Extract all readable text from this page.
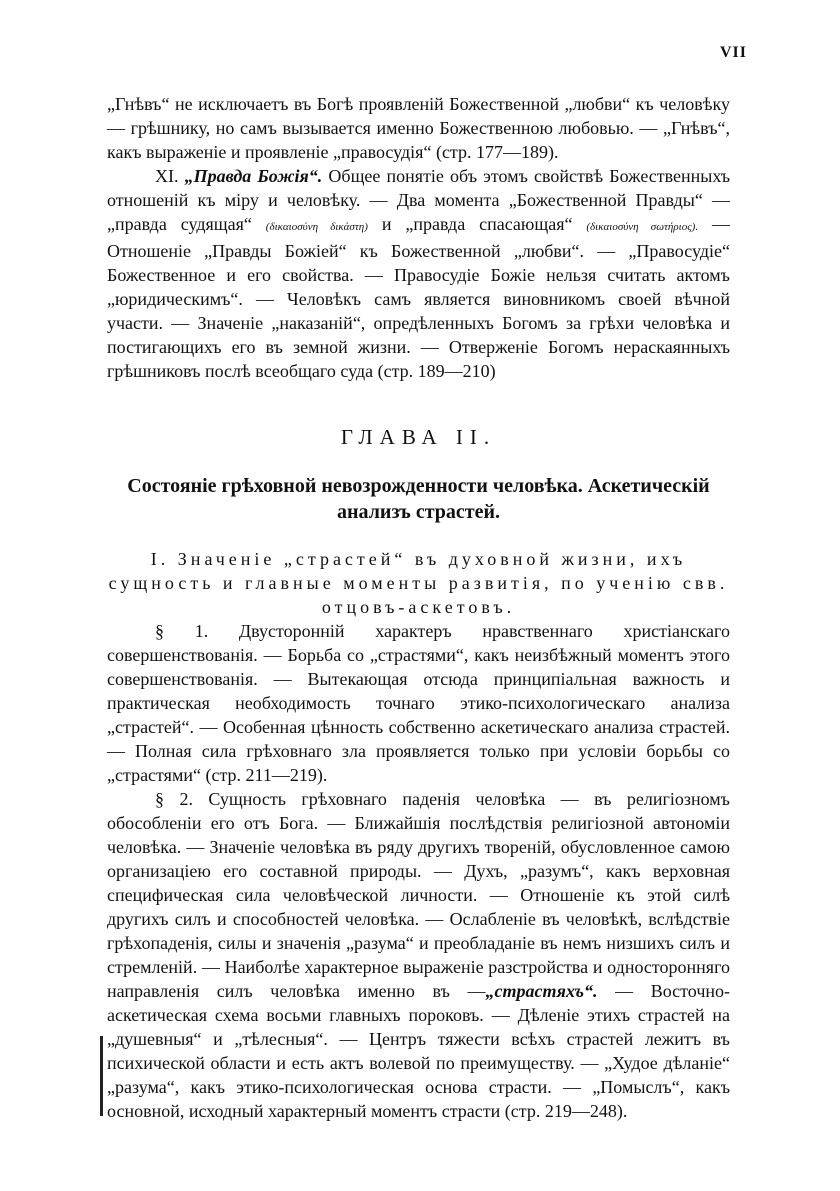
VII

„Гнѣвъ“ не исключаетъ въ Богѣ проявленій Божественной „любви“ къ человѣку — грѣшнику, но самъ вызывается именно Божественною любовью. — „Гнѣвъ“, какъ выраженіе и проявленіе „правосудія“ (стр. 177—189).

XI. „Правда Божія“. Общее понятіе объ этомъ свойствѣ Божественныхъ отношеній къ міру и человѣку. — Два момента „Божественной Правды“ — „правда судящая“ (δικαιοσύνη δικάστη) и „правда спасающая“ (δικαιοσύνη σωτήριος). — Отношеніе „Правды Божіей“ къ Божественной „любви“. — „Правосудіе“ Божественное и его свойства. — Правосудіе Божіе нельзя считать актомъ „юридическимъ“. — Человѣкъ самъ является виновникомъ своей вѣчной участи. — Значеніе „наказаній“, опредѣленныхъ Богомъ за грѣхи человѣка и постигающихъ его въ земной жизни. — Отверженіе Богомъ нераскаянныхъ грѣшниковъ послѣ всеобщаго суда (стр. 189—210)

ГЛАВА II.
Состояніе грѣховной невозрожденности человѣка. Аскетическій анализъ страстей.
I. Значеніе „страстей“ въ духовной жизни, ихъ сущность и главные моменты развитія, по ученію свв. отцовъ-аскетовъ.

§ 1. Двусторонній характеръ нравственнаго христіанскаго совершенствованія. — Борьба со „страстями“, какъ неизбѣжный моментъ этого совершенствованія. — Вытекающая отсюда принципіальная важность и практическая необходимость точнаго этико-психологическаго анализа „страстей“. — Особенная цѣнность собственно аскетическаго анализа страстей. — Полная сила грѣховнаго зла проявляется только при условіи борьбы со „страстями“ (стр. 211—219).

§ 2. Сущность грѣховнаго паденія человѣка — въ религіозномъ обособленіи его отъ Бога. — Ближайшія послѣдствія религіозной автономіи человѣка. — Значеніе человѣка въ ряду другихъ твореній, обусловленное самою организаціею его составной природы. — Духъ, „разумъ“, какъ верховная специфическая сила человѣческой личности. — Отношеніе къ этой силѣ другихъ силъ и способностей человѣка. — Ослабленіе въ человѣкѣ, вслѣдствіе грѣхопаденія, силы и значенія „разума“ и преобладаніе въ немъ низшихъ силъ и стремленій. — Наиболѣе характерное выраженіе разстройства и односторонняго направленія силъ человѣка именно въ —„страстяхъ“. — Восточно-аскетическая схема восьми главныхъ пороковъ. — Дѣленіе этихъ страстей на „душевныя“ и „тѣлесныя“. — Центръ тяжести всѣхъ страстей лежитъ въ психической области и есть актъ волевой по преимуществу. — „Худое дѣланіе“ „разума“, какъ этико-психологическая основа страсти. — „Помыслъ“, какъ основной, исходный характерный моментъ страсти (стр. 219—248).
